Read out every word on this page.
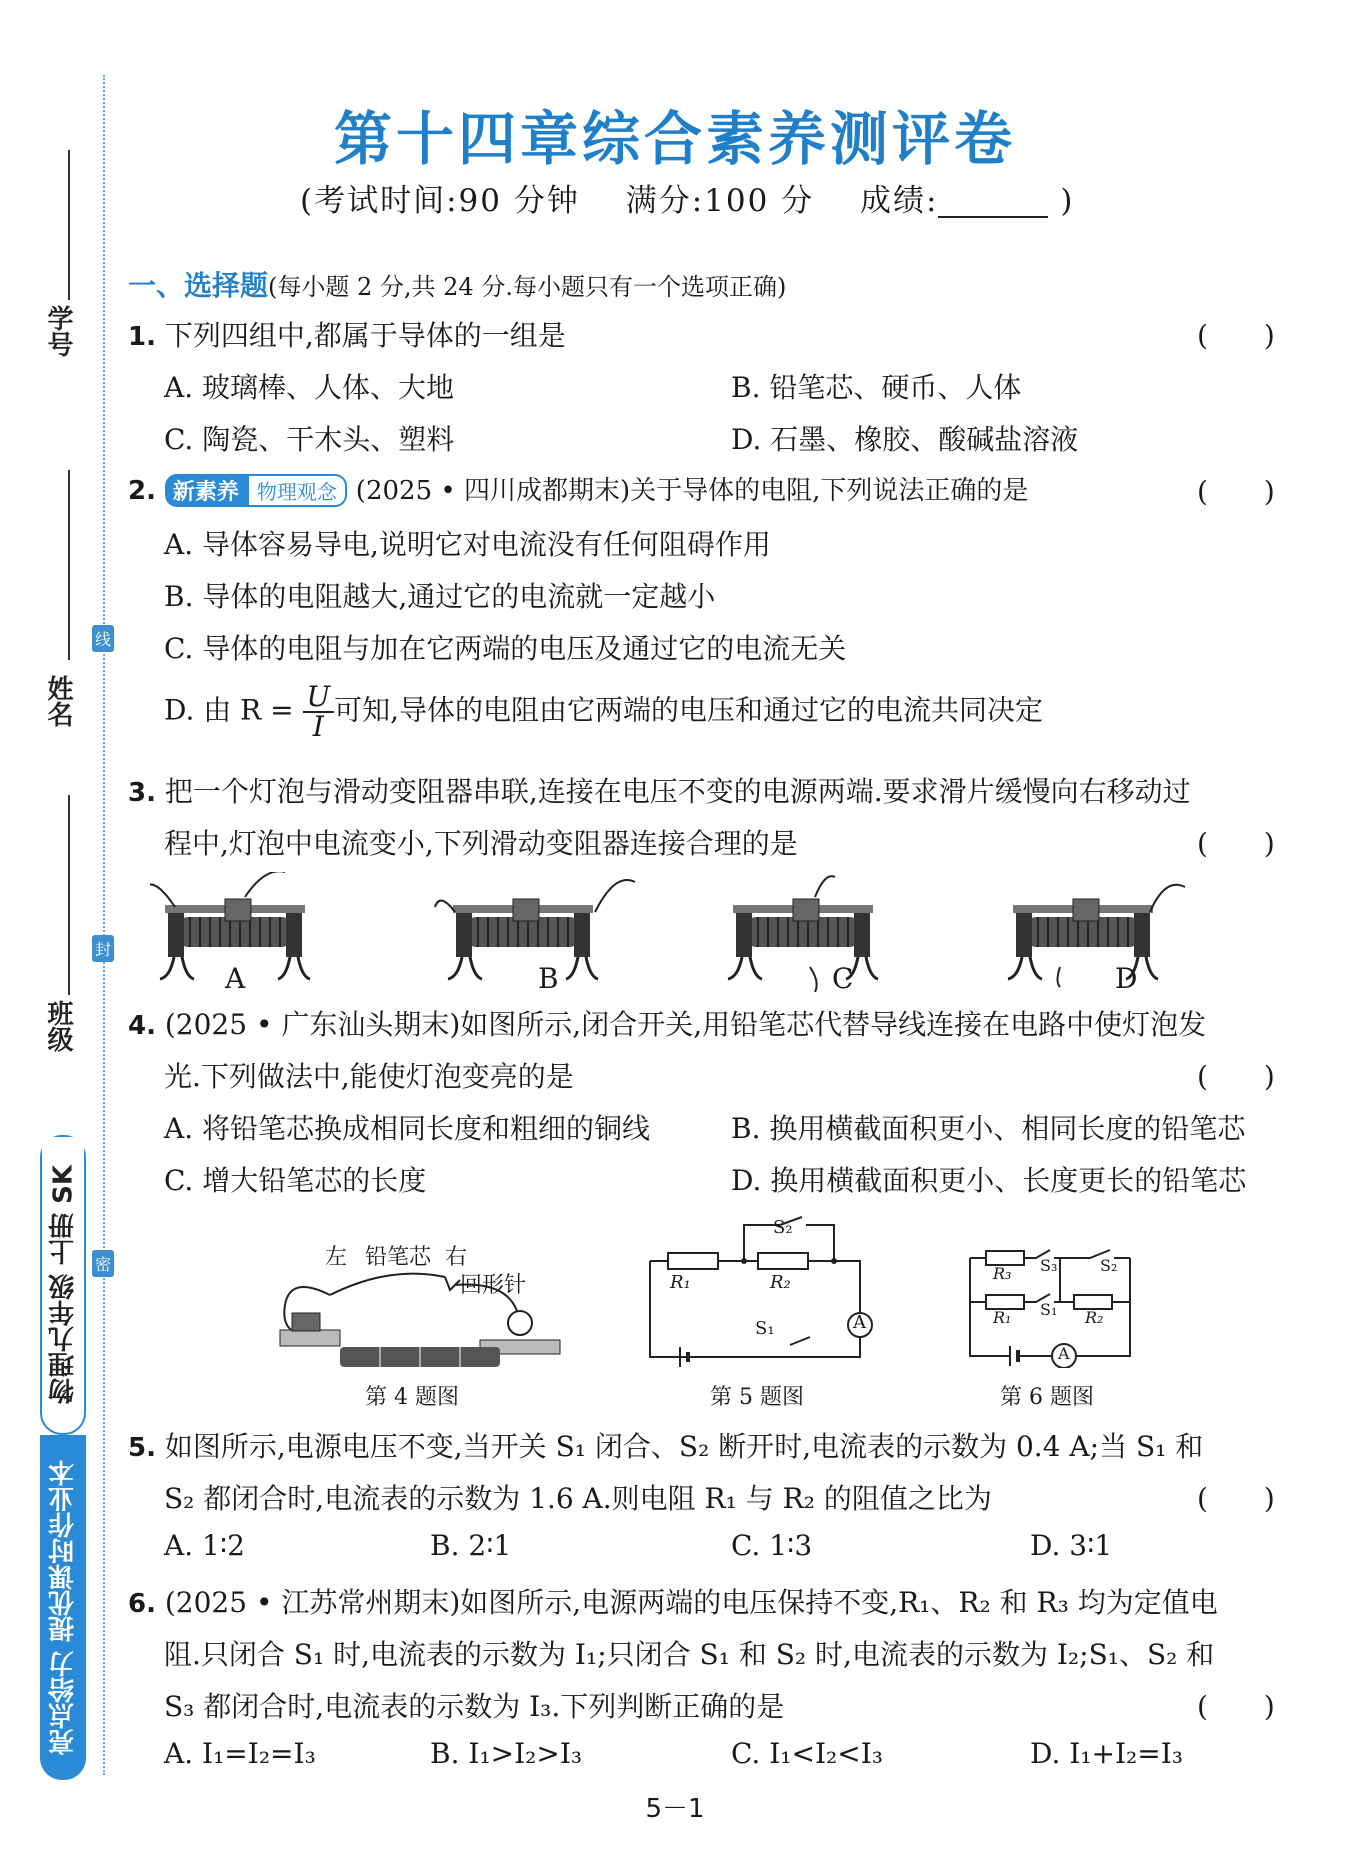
学号
姓名
班级
线
封
密
物理九年级 上册 SK
亮点给力 提优课时作业本
第十四章综合素养测评卷
(考试时间:90 分钟 满分:100 分 成绩:	)
一、选择题(每小题 2 分,共 24 分.每小题只有一个选项正确)
1. 下列四组中,都属于导体的一组是	(　　)
A. 玻璃棒、人体、大地	B. 铅笔芯、硬币、人体
C. 陶瓷、干木头、塑料	D. 石墨、橡胶、酸碱盐溶液
2. 新素养 物理观念 (2025 • 四川成都期末)关于导体的电阻,下列说法正确的是	(　　)
A. 导体容易导电,说明它对电流没有任何阻碍作用
B. 导体的电阻越大,通过它的电流就一定越小
C. 导体的电阻与加在它两端的电压及通过它的电流无关
D. 由 $R = \frac{U}{I}$ 可知,导体的电阻由它两端的电压和通过它的电流共同决定
3. 把一个灯泡与滑动变阻器串联,连接在电压不变的电源两端.要求滑片缓慢向右移动过
程中,灯泡中电流变小,下列滑动变阻器连接合理的是	(　　)
A	B	C	D
4. (2025 • 广东汕头期末)如图所示,闭合开关,用铅笔芯代替导线连接在电路中使灯泡发
光.下列做法中,能使灯泡变亮的是	(　　)
A. 将铅笔芯换成相同长度和粗细的铜线	B. 换用横截面积更小、相同长度的铅笔芯
C. 增大铅笔芯的长度	D. 换用横截面积更小、长度更长的铅笔芯
左 铅笔芯 右
回形针
第 4 题图
S₂
R₁	R₂
A
S₁
第 5 题图
R₃ S₃	S₂
R₁ S₁ R₂
A
第 6 题图
5. 如图所示,电源电压不变,当开关 S₁ 闭合、S₂ 断开时,电流表的示数为 0.4 A;当 S₁ 和
S₂ 都闭合时,电流表的示数为 1.6 A.则电阻 R₁ 与 R₂ 的阻值之比为	(　　)
A. 1∶2	B. 2∶1	C. 1∶3	D. 3∶1
6. (2025 • 江苏常州期末)如图所示,电源两端的电压保持不变,R₁、R₂ 和 R₃ 均为定值电
阻.只闭合 S₁ 时,电流表的示数为 I₁;只闭合 S₁ 和 S₂ 时,电流表的示数为 I₂;S₁、S₂ 和
S₃ 都闭合时,电流表的示数为 I₃.下列判断正确的是	(　　)
A. I₁=I₂=I₃	B. I₁>I₂>I₃	C. I₁<I₂<I₃	D. I₁+I₂=I₃
5－1
